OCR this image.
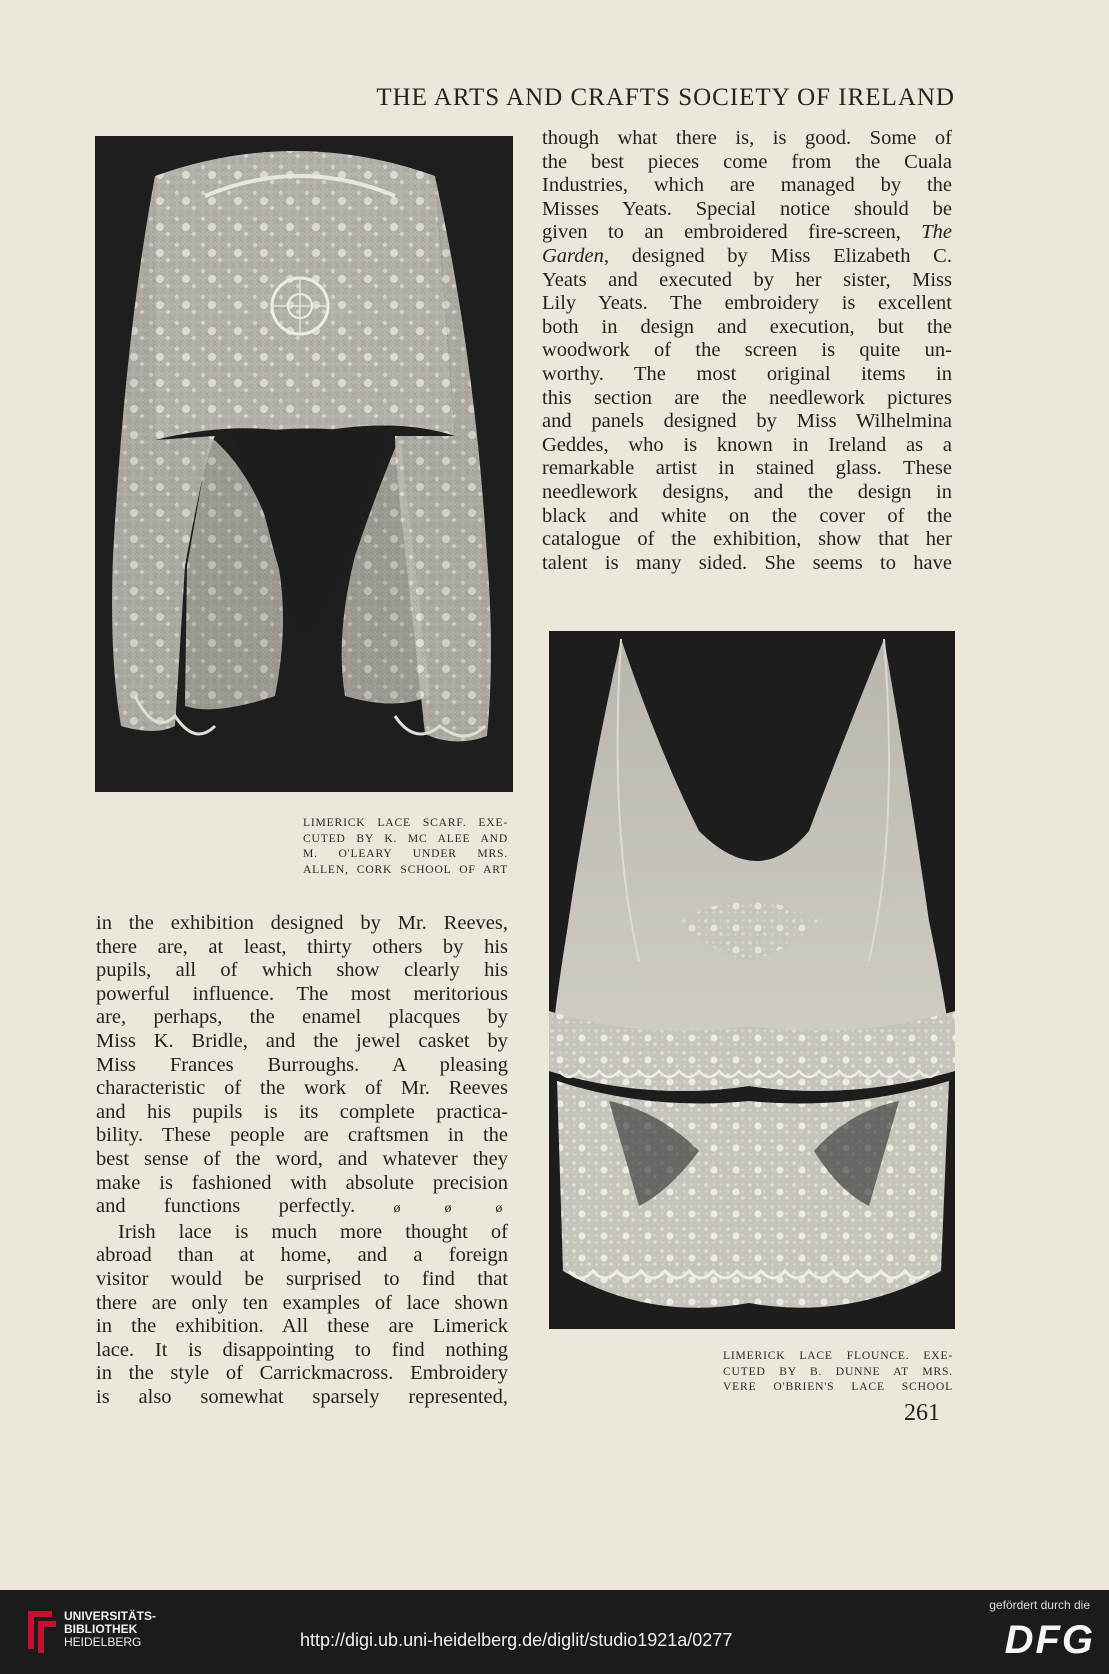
THE ARTS AND CRAFTS SOCIETY OF IRELAND
LIMERICK LACE SCARF. EXE-
CUTED BY K. MC ALEE AND
M. O'LEARY UNDER MRS.
ALLEN, CORK SCHOOL OF ART

though what there is, is good. Some of

the best pieces come from the Cuala

Industries, which are managed by the

Misses Yeats. Special notice should be

given to an embroidered fire-screen, The

Garden, designed by Miss Elizabeth C.

Yeats and executed by her sister, Miss

Lily Yeats. The embroidery is excellent

both in design and execution, but the

woodwork of the screen is quite un-

worthy. The most original items in

this section are the needlework pictures

and panels designed by Miss Wilhelmina

Geddes, who is known in Ireland as a

remarkable artist in stained glass. These

needlework designs, and the design in

black and white on the cover of the

catalogue of the exhibition, show that her

talent is many sided. She seems to have

in the exhibition designed by Mr. Reeves,

there are, at least, thirty others by his

pupils, all of which show clearly his

powerful influence. The most meritorious

are, perhaps, the enamel placques by

Miss K. Bridle, and the jewel casket by

Miss Frances Burroughs. A pleasing

characteristic of the work of Mr. Reeves

and his pupils is its complete practica-

bility. These people are craftsmen in the

best sense of the word, and whatever they

make is fashioned with absolute precision

and functions perfectly.	ø	ø	ø

Irish lace is much more thought of

abroad than at home, and a foreign

visitor would be surprised to find that

there are only ten examples of lace shown

in the exhibition. All these are Limerick

lace. It is disappointing to find nothing

in the style of Carrickmacross. Embroidery

is also somewhat sparsely represented,

LIMERICK LACE FLOUNCE. EXE-
CUTED BY B. DUNNE AT MRS.
VERE O'BRIEN'S LACE SCHOOL
261
UNIVERSITÄTS-
BIBLIOTHEK

HEIDELBERG	http://digi.ub.uni-heidelberg.de/diglit/studio1921a/0277
gefördert durch die
DFG
